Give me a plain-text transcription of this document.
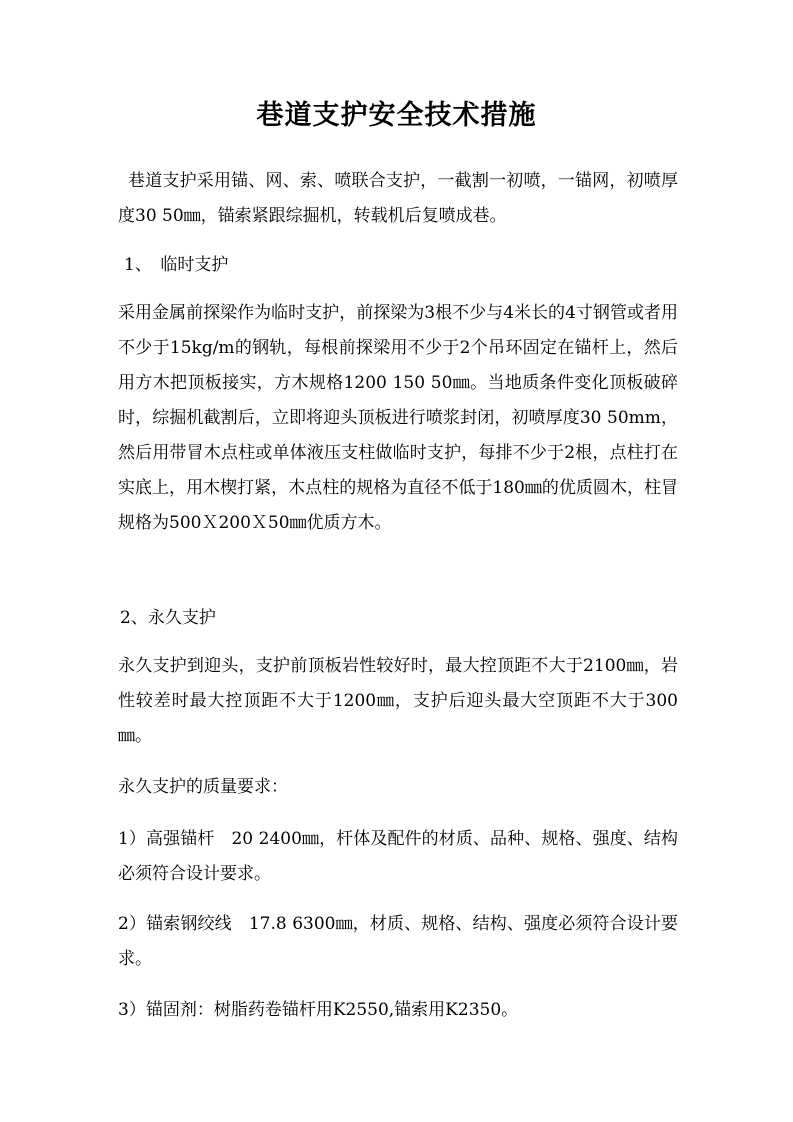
巷道支护安全技术措施
巷道支护采用锚、网、索、喷联合支护，一截割一初喷，一锚网，初喷厚度30 50㎜，锚索紧跟综掘机，转载机后复喷成巷。
1、　临时支护
采用金属前探梁作为临时支护，前探梁为3根不少与4米长的4寸钢管或者用不少于15kg/m的钢轨，每根前探梁用不少于2个吊环固定在锚杆上，然后用方木把顶板接实，方木规格1200 150 50㎜。当地质条件变化顶板破碎时，综掘机截割后，立即将迎头顶板进行喷浆封闭，初喷厚度30 50mm，然后用带冒木点柱或单体液压支柱做临时支护，每排不少于2根，点柱打在实底上，用木楔打紧，木点柱的规格为直径不低于180㎜的优质圆木，柱冒规格为500Ｘ200Ｘ50㎜优质方木。
2、永久支护
永久支护到迎头，支护前顶板岩性较好时，最大控顶距不大于2100㎜，岩性较差时最大控顶距不大于1200㎜，支护后迎头最大空顶距不大于300㎜。
永久支护的质量要求：
1）高强锚杆　20 2400㎜，杆体及配件的材质、品种、规格、强度、结构必须符合设计要求。
2）锚索钢绞线　17.8 6300㎜，材质、规格、结构、强度必须符合设计要求。
3）锚固剂：树脂药卷锚杆用K2550,锚索用K2350。
